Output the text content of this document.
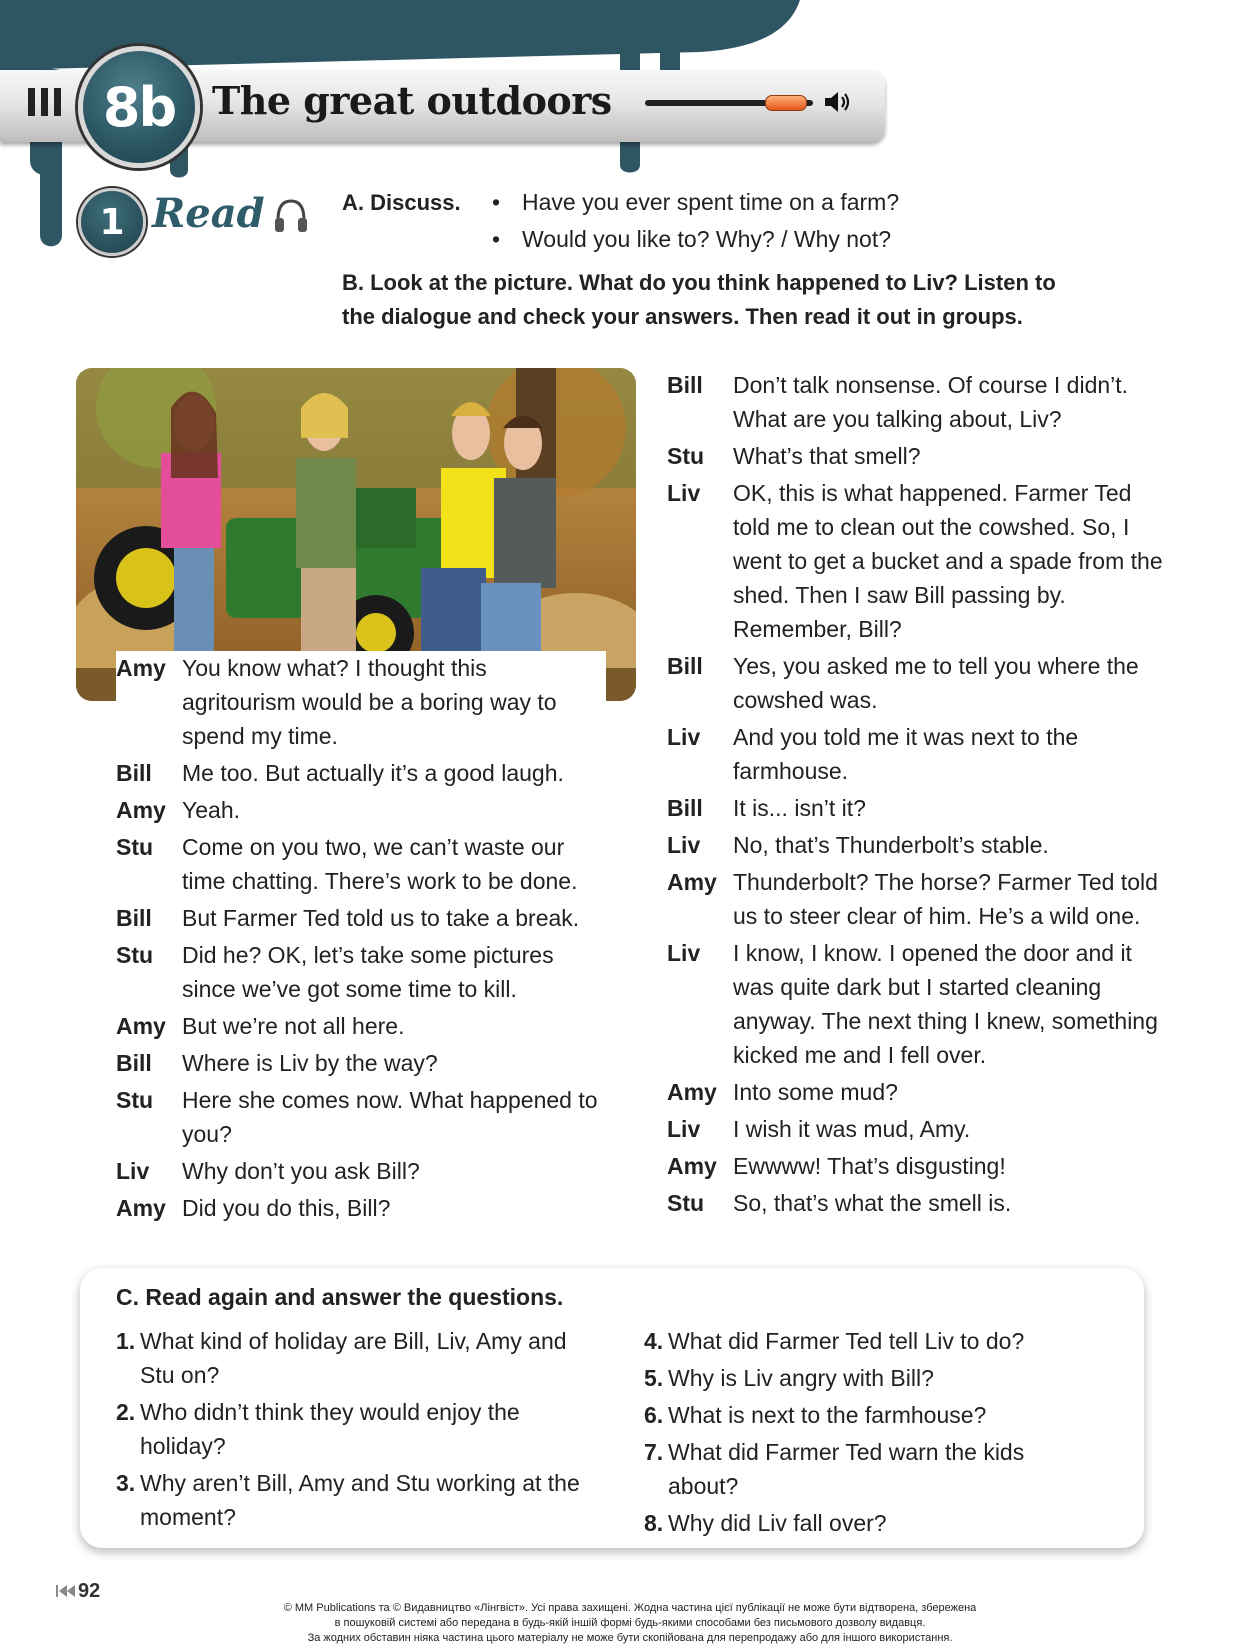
8b The great outdoors
1 Read	A. Discuss.
•	Have you ever spent time on a farm?
• Would you like to? Why? / Why not?
B. Look at the picture. What do you think happened to Liv? Listen to the dialogue and check your answers. Then read it out in groups.
Amy You know what? I thought this agritourism would be a boring way to spend my time.
Bill	Me too. But actually it’s a good laugh.
Amy Yeah.
Stu	Come on you two, we can’t waste our time chatting. There’s work to be done.
Bill	But Farmer Ted told us to take a break.
Stu	Did he? OK, let’s take some pictures since we’ve got some time to kill.
Amy But we’re not all here.
Bill	Where is Liv by the way?
Stu	Here she comes now. What happened to you?
Liv	Why don’t you ask Bill?
Amy Did you do this, Bill?
Bill	Don’t talk nonsense. Of course I didn’t. What are you talking about, Liv?
Stu	What’s that smell?
Liv	OK, this is what happened. Farmer Ted told me to clean out the cowshed. So, I went to get a bucket and a spade from the shed. Then I saw Bill passing by. Remember, Bill?
Bill	Yes, you asked me to tell you where the cowshed was.
Liv	And you told me it was next to the farmhouse.
Bill	It is... isn’t it?
Liv	No, that’s Thunderbolt’s stable.
Amy Thunderbolt? The horse? Farmer Ted told us to steer clear of him. He’s a wild one.
Liv	I know, I know. I opened the door and it was quite dark but I started cleaning anyway. The next thing I knew, something kicked me and I fell over.
Amy Into some mud?
Liv	I wish it was mud, Amy.
Amy Ewwww! That’s disgusting!
Stu	So, that’s what the smell is.
C. Read again and answer the questions.
1. What kind of holiday are Bill, Liv, Amy and Stu on?
2. Who didn’t think they would enjoy the holiday?
3. Why aren’t Bill, Amy and Stu working at the moment?
4. What did Farmer Ted tell Liv to do?
5. Why is Liv angry with Bill?
6. What is next to the farmhouse?
7. What did Farmer Ted warn the kids about?
8. Why did Liv fall over?
92
© MM Publications та © Видавництво «Лінгвіст». Усі права захищені. Жодна частина цієї публікації не може бути відтворена, збережена
в пошуковій системі або передана в будь-якій іншій формі будь-якими способами без письмового дозволу видавця.
За жодних обставин ніяка частина цього матеріалу не може бути скопійована для перепродажу або для іншого використання.
